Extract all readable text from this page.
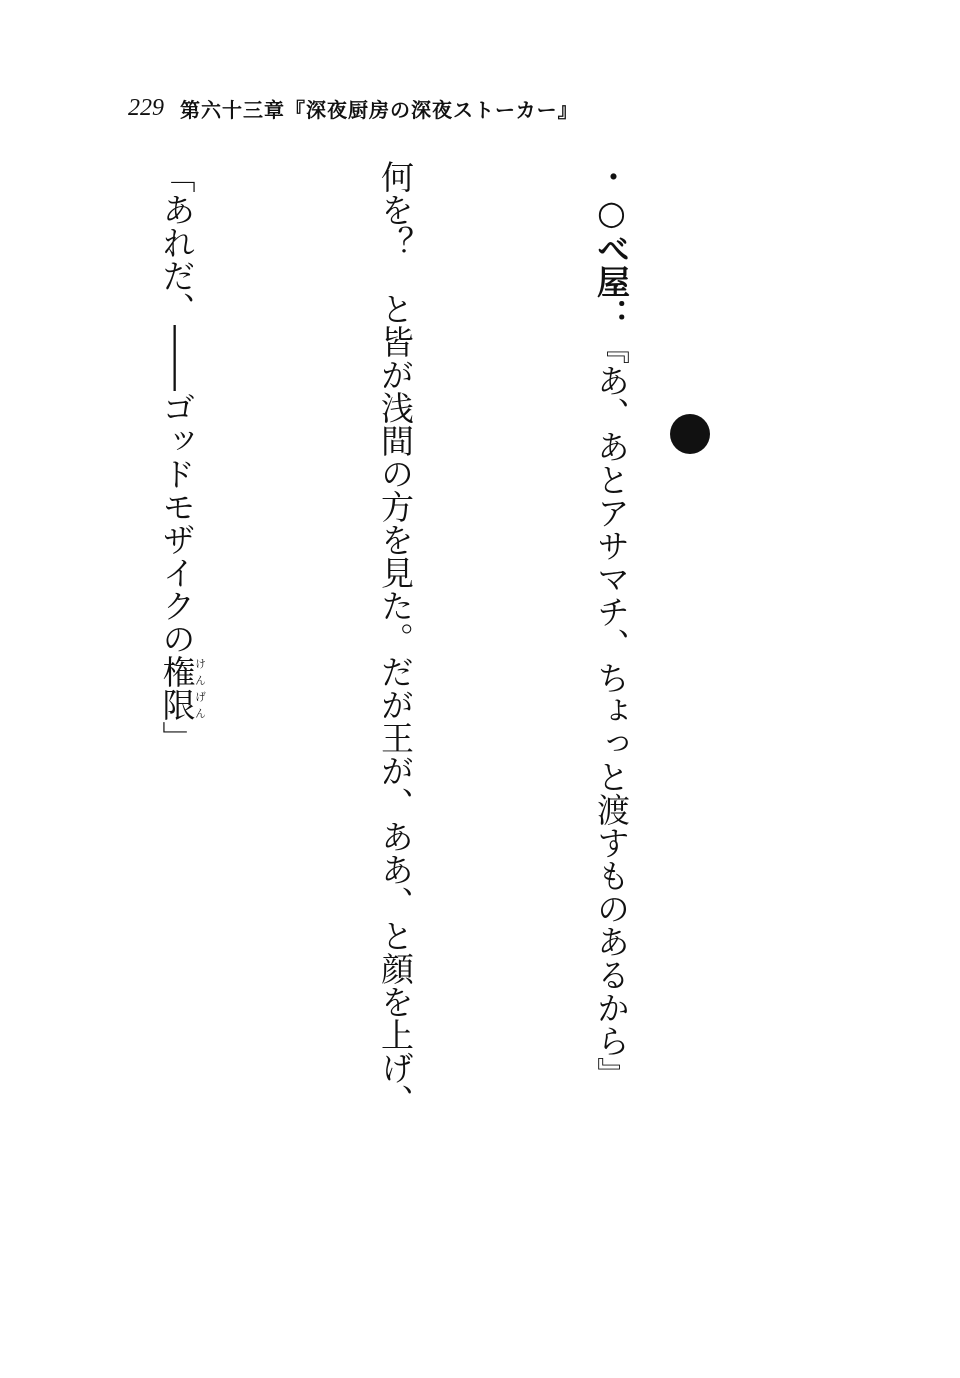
229 第六十三章『深夜厨房の深夜ストーカー』

・○べ屋：『あ、あとアサマチ、ちょっと渡すものあるから』

何を？　と皆が浅間の方を見た。だが王が、ああ、と顔を上げ、

「あれだ、――ゴッドモザイクの権限けんげん」
